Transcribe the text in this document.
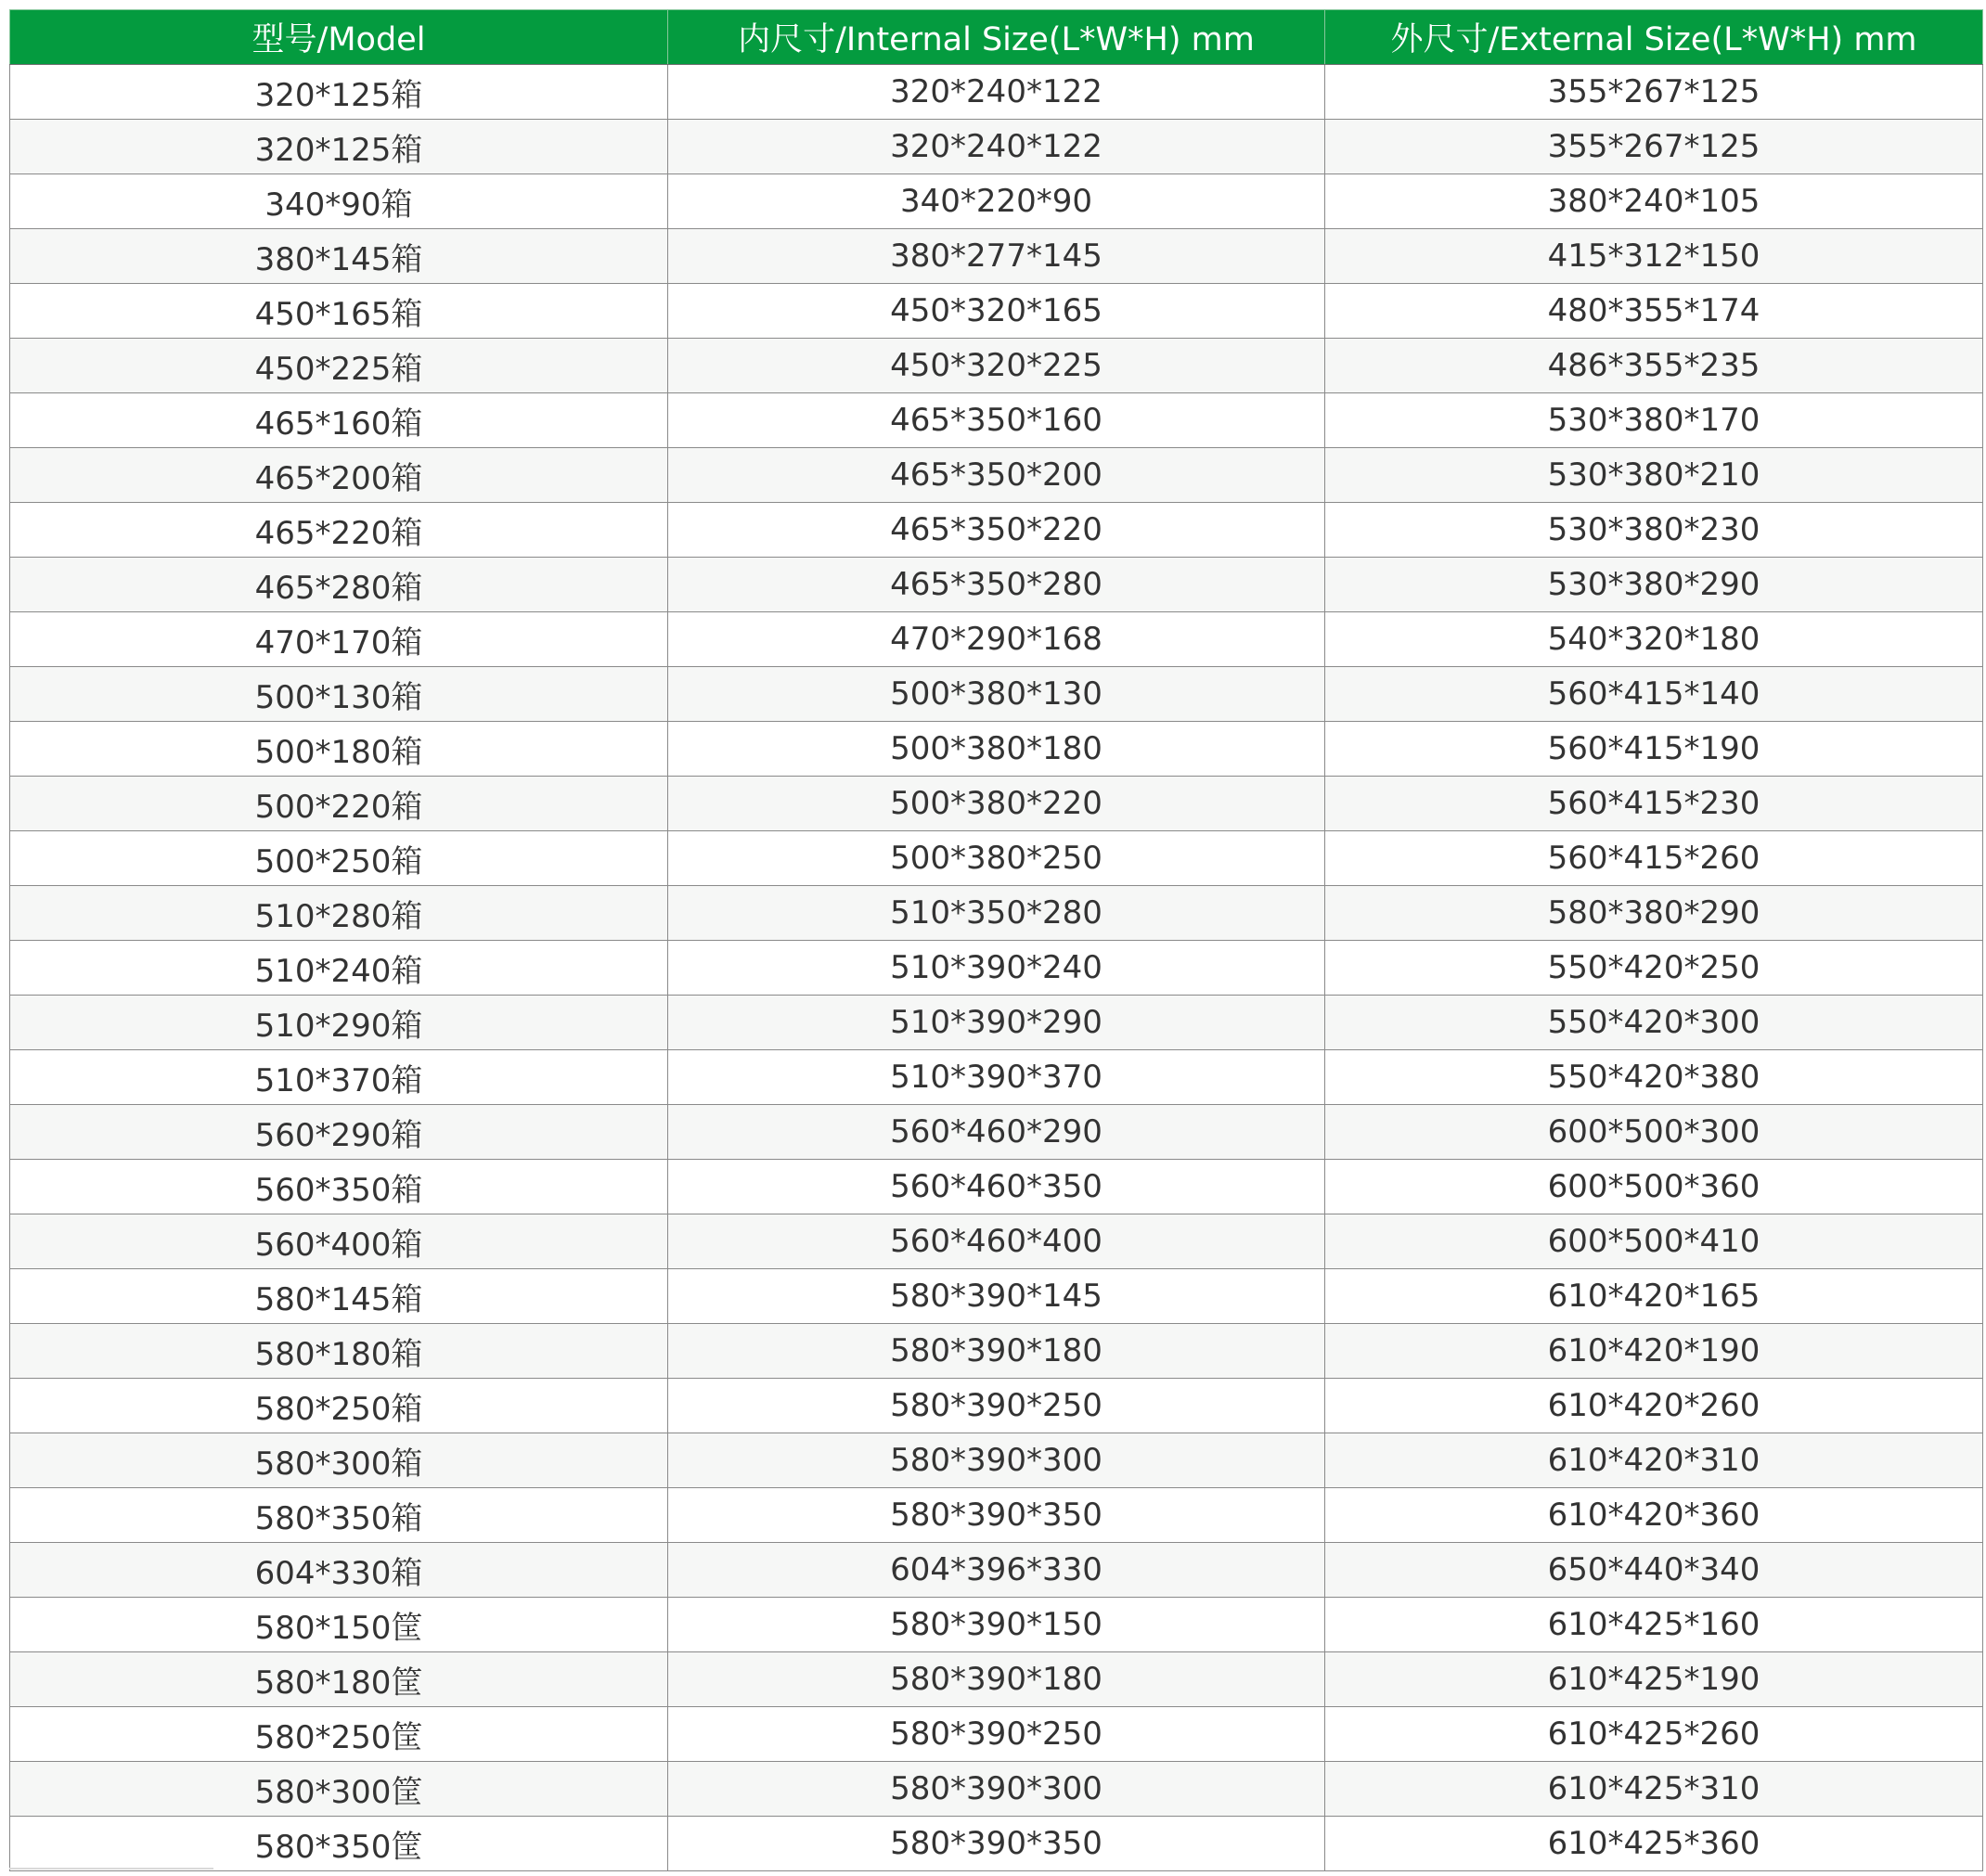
型号/Model	内尺寸/Internal Size(L*W*H) mm	外尺寸/External Size(L*W*H) mm
320*125箱	320*240*122	355*267*125
320*125箱	320*240*122	355*267*125
340*90箱	340*220*90	380*240*105
380*145箱	380*277*145	415*312*150
450*165箱	450*320*165	480*355*174
450*225箱	450*320*225	486*355*235
465*160箱	465*350*160	530*380*170
465*200箱	465*350*200	530*380*210
465*220箱	465*350*220	530*380*230
465*280箱	465*350*280	530*380*290
470*170箱	470*290*168	540*320*180
500*130箱	500*380*130	560*415*140
500*180箱	500*380*180	560*415*190
500*220箱	500*380*220	560*415*230
500*250箱	500*380*250	560*415*260
510*280箱	510*350*280	580*380*290
510*240箱	510*390*240	550*420*250
510*290箱	510*390*290	550*420*300
510*370箱	510*390*370	550*420*380
560*290箱	560*460*290	600*500*300
560*350箱	560*460*350	600*500*360
560*400箱	560*460*400	600*500*410
580*145箱	580*390*145	610*420*165
580*180箱	580*390*180	610*420*190
580*250箱	580*390*250	610*420*260
580*300箱	580*390*300	610*420*310
580*350箱	580*390*350	610*420*360
604*330箱	604*396*330	650*440*340
580*150筐	580*390*150	610*425*160
580*180筐	580*390*180	610*425*190
580*250筐	580*390*250	610*425*260
580*300筐	580*390*300	610*425*310
580*350筐	580*390*350	610*425*360
